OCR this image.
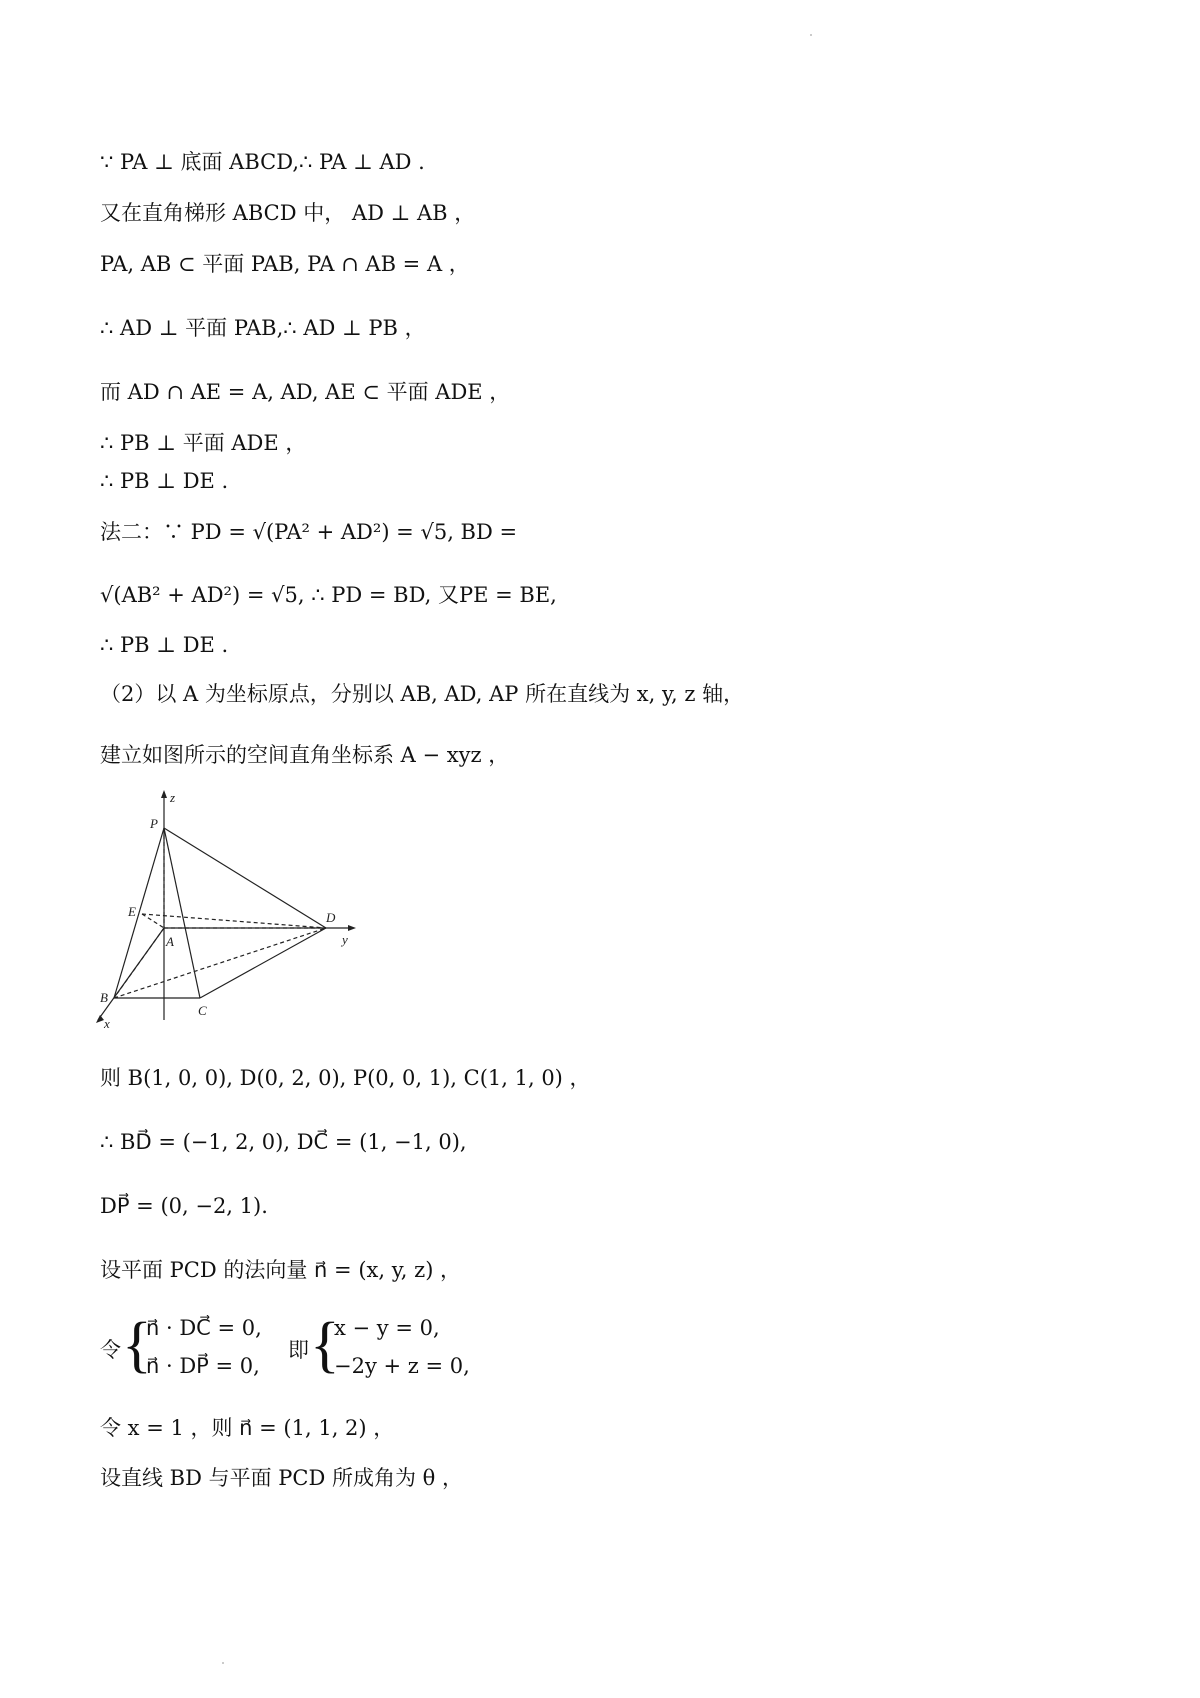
∵ PA ⊥ 底面 ABCD,∴ PA ⊥ AD .
又在直角梯形 ABCD 中， AD ⊥ AB ，
PA, AB ⊂ 平面 PAB, PA ∩ AB = A ，
∴ AD ⊥ 平面 PAB,∴ AD ⊥ PB ，
而 AD ∩ AE = A, AD, AE ⊂ 平面 ADE ，
∴ PB ⊥ 平面 ADE ，
∴ PB ⊥ DE .
法二：∵ PD = √(PA² + AD²) = √5, BD =
√(AB² + AD²) = √5, ∴ PD = BD, 又PE = BE,
∴ PB ⊥ DE .
（2）以 A 为坐标原点，分别以 AB, AD, AP 所在直线为 x, y, z 轴，
建立如图所示的空间直角坐标系 A − xyz ，
P
z
E
A
D
y
B
C
x
则 B(1, 0, 0), D(0, 2, 0), P(0, 0, 1), C(1, 1, 0) ，
∴ BD⃗ = (−1, 2, 0), DC⃗ = (1, −1, 0),
DP⃗ = (0, −2, 1).
设平面 PCD 的法向量 n⃗ = (x, y, z) ，
令 {
n⃗ · DC⃗ = 0,
n⃗ · DP⃗ = 0,
即 {
x − y = 0,
−2y + z = 0,
令 x = 1 ，则 n⃗ = (1, 1, 2) ，
设直线 BD 与平面 PCD 所成角为 θ ，
